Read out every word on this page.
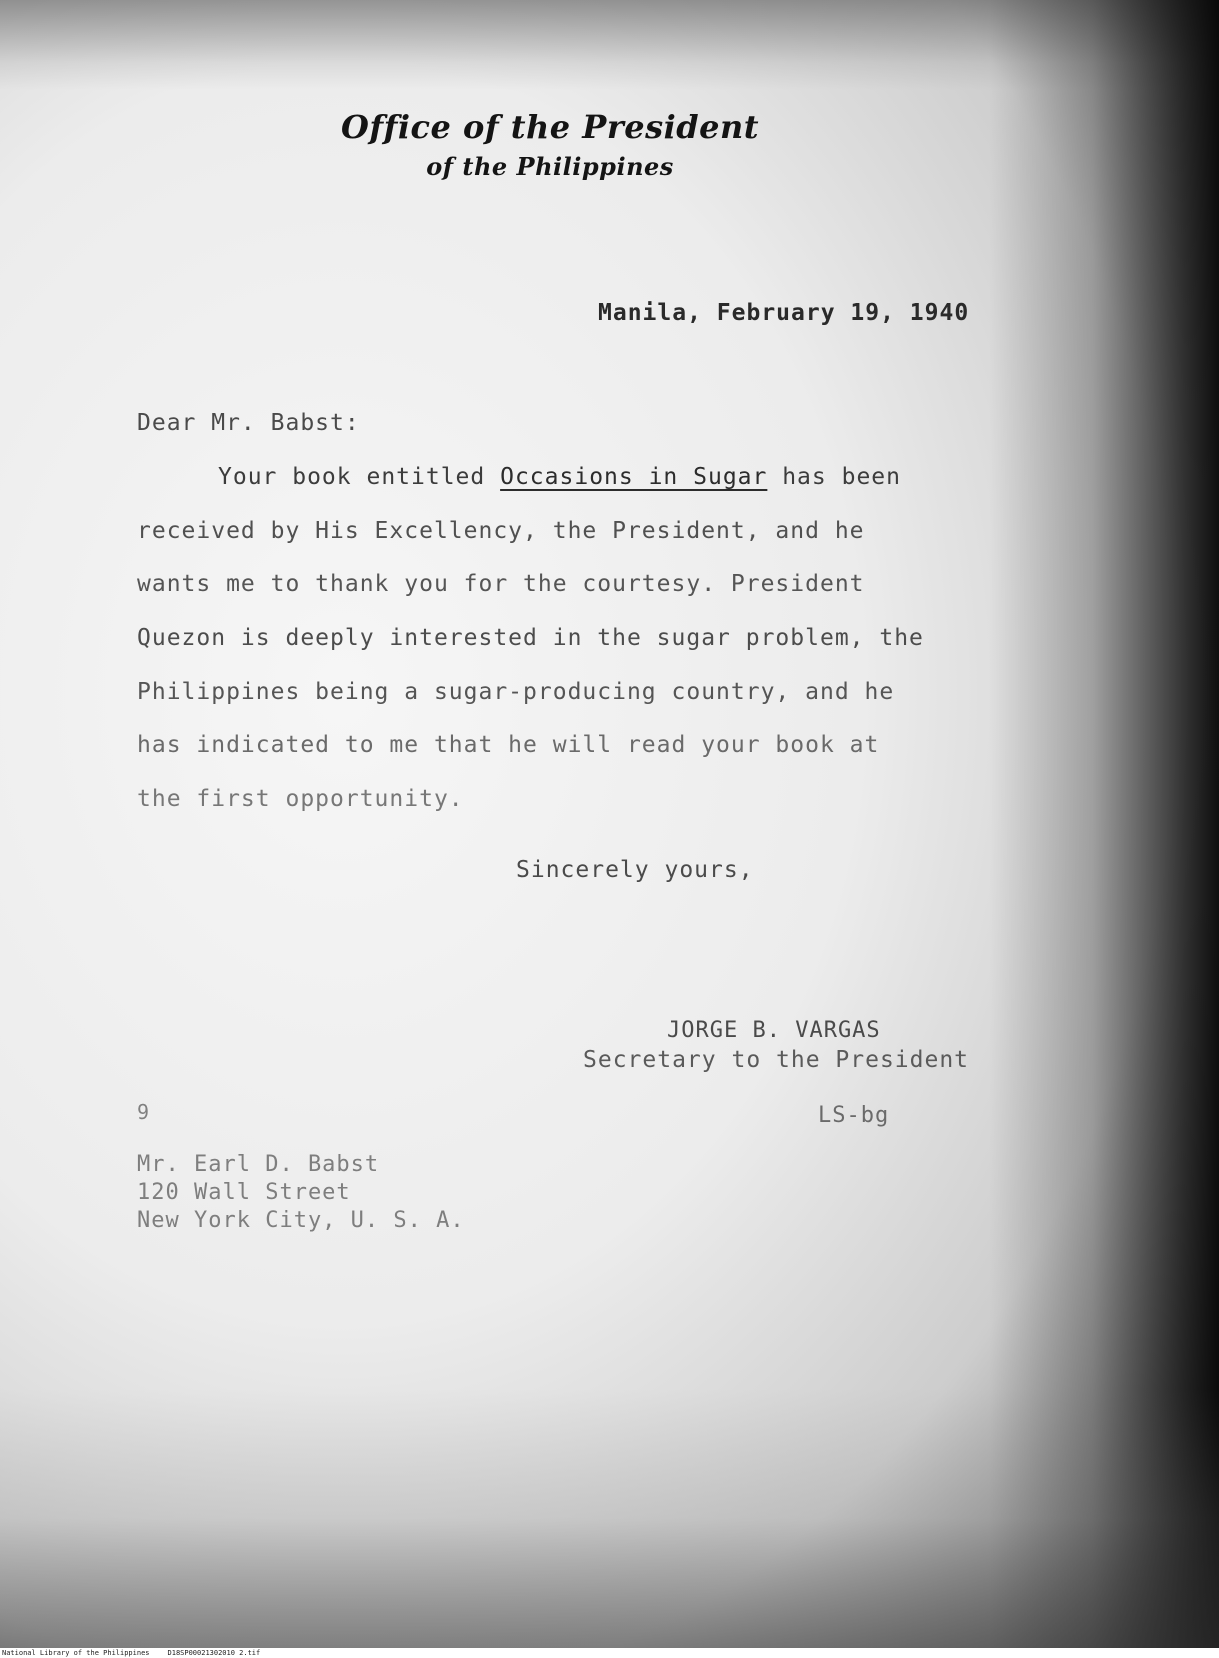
Office of the President
of the Philippines
Manila, February 19, 1940
Dear Mr. Babst:
Your book entitled Occasions in Sugar has been
received by His Excellency, the President, and he
wants me to thank you for the courtesy. President
Quezon is deeply interested in the sugar problem, the
Philippines being a sugar-producing country, and he
has indicated to me that he will read your book at
the first opportunity.
Sincerely yours,
JORGE B. VARGAS
Secretary to the President
9	LS-bg
Mr. Earl D. Babst
120 Wall Street
New York City, U. S. A.
National Library of the Philippines	D18SP00021302010 2.tif
